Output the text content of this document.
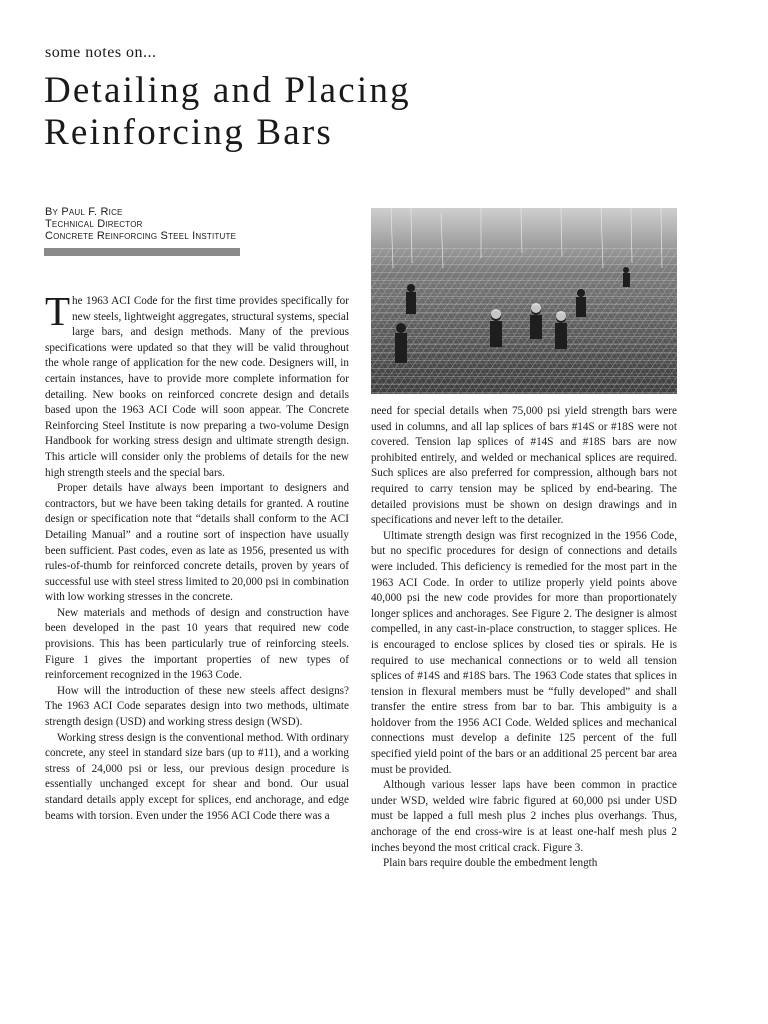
some notes on...
Detailing and Placing
Reinforcing Bars
By Paul F. Rice
Technical Director
Concrete Reinforcing Steel Institute

The 1963 ACI Code for the first time provides specifically for new steels, lightweight aggregates, structural systems, special large bars, and design methods. Many of the previous specifications were updated so that they will be valid throughout the whole range of application for the new code. Designers will, in certain instances, have to provide more complete information for detailing. New books on reinforced concrete design and details based upon the 1963 ACI Code will soon appear. The Concrete Reinforcing Steel Institute is now preparing a two-volume Design Handbook for working stress design and ultimate strength design. This article will consider only the problems of details for the new high strength steels and the special bars.

Proper details have always been important to designers and contractors, but we have been taking details for granted. A routine design or specification note that “details shall conform to the ACI Detailing Manual” and a routine sort of inspection have usually been sufficient. Past codes, even as late as 1956, presented us with rules-of-thumb for reinforced concrete details, proven by years of successful use with steel stress limited to 20,000 psi in combination with low working stresses in the concrete.

New materials and methods of design and construction have been developed in the past 10 years that required new code provisions. This has been particularly true of reinforcing steels. Figure 1 gives the important properties of new types of reinforcement recognized in the 1963 Code.

How will the introduction of these new steels affect designs? The 1963 ACI Code separates design into two methods, ultimate strength design (USD) and working stress design (WSD).

Working stress design is the conventional method. With ordinary concrete, any steel in standard size bars (up to #11), and a working stress of 24,000 psi or less, our previous design procedure is essentially unchanged except for shear and bond. Our usual standard details apply except for splices, end anchorage, and edge beams with torsion. Even under the 1956 ACI Code there was a

need for special details when 75,000 psi yield strength bars were used in columns, and all lap splices of bars #14S or #18S were not covered. Tension lap splices of #14S and #18S bars are now prohibited entirely, and welded or mechanical splices are required. Such splices are also preferred for compression, although bars not required to carry tension may be spliced by end-bearing. The detailed provisions must be shown on design drawings and in specifications and never left to the detailer.

Ultimate strength design was first recognized in the 1956 Code, but no specific procedures for design of connections and details were included. This deficiency is remedied for the most part in the 1963 ACI Code. In order to utilize properly yield points above 40,000 psi the new code provides for more than proportionately longer splices and anchorages. See Figure 2. The designer is almost compelled, in any cast-in-place construction, to stagger splices. He is encouraged to enclose splices by closed ties or spirals. He is required to use mechanical connections or to weld all tension splices of #14S and #18S bars. The 1963 Code states that splices in tension in flexural members must be “fully developed” and shall transfer the entire stress from bar to bar. This ambiguity is a holdover from the 1956 ACI Code. Welded splices and mechanical connections must develop a definite 125 percent of the full specified yield point of the bars or an additional 25 percent bar area must be provided.

Although various lesser laps have been common in practice under WSD, welded wire fabric figured at 60,000 psi under USD must be lapped a full mesh plus 2 inches plus overhangs. Thus, anchorage of the end cross-wire is at least one-half mesh plus 2 inches beyond the most critical crack. Figure 3.

Plain bars require double the embedment length
